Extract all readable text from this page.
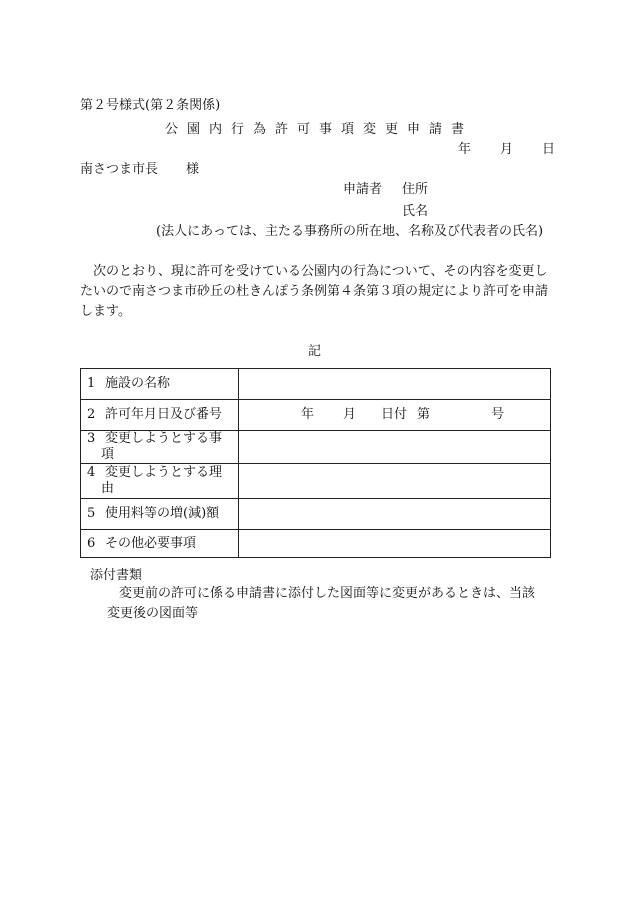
第２号様式(第２条関係)
公園内行為許可事項変更申請書
年 月 日
南さつま市長 様
申請者 住所
氏名
(法人にあっては、主たる事務所の所在地、名称及び代表者の氏名)
次のとおり、現に許可を受けている公園内の行為について、その内容を変更したいので南さつま市砂丘の杜きんぽう条例第４条第３項の規定により許可を申請します。
記
1 施設の名称	

2 許可年月日及び番号	年 月 日付 第 号

3 変更しようとする事
項	

4 変更しようとする理
由	

5 使用料等の増(減)額	

6 その他必要事項	

添付書類
変更前の許可に係る申請書に添付した図面等に変更があるときは、当該
変更後の図面等
